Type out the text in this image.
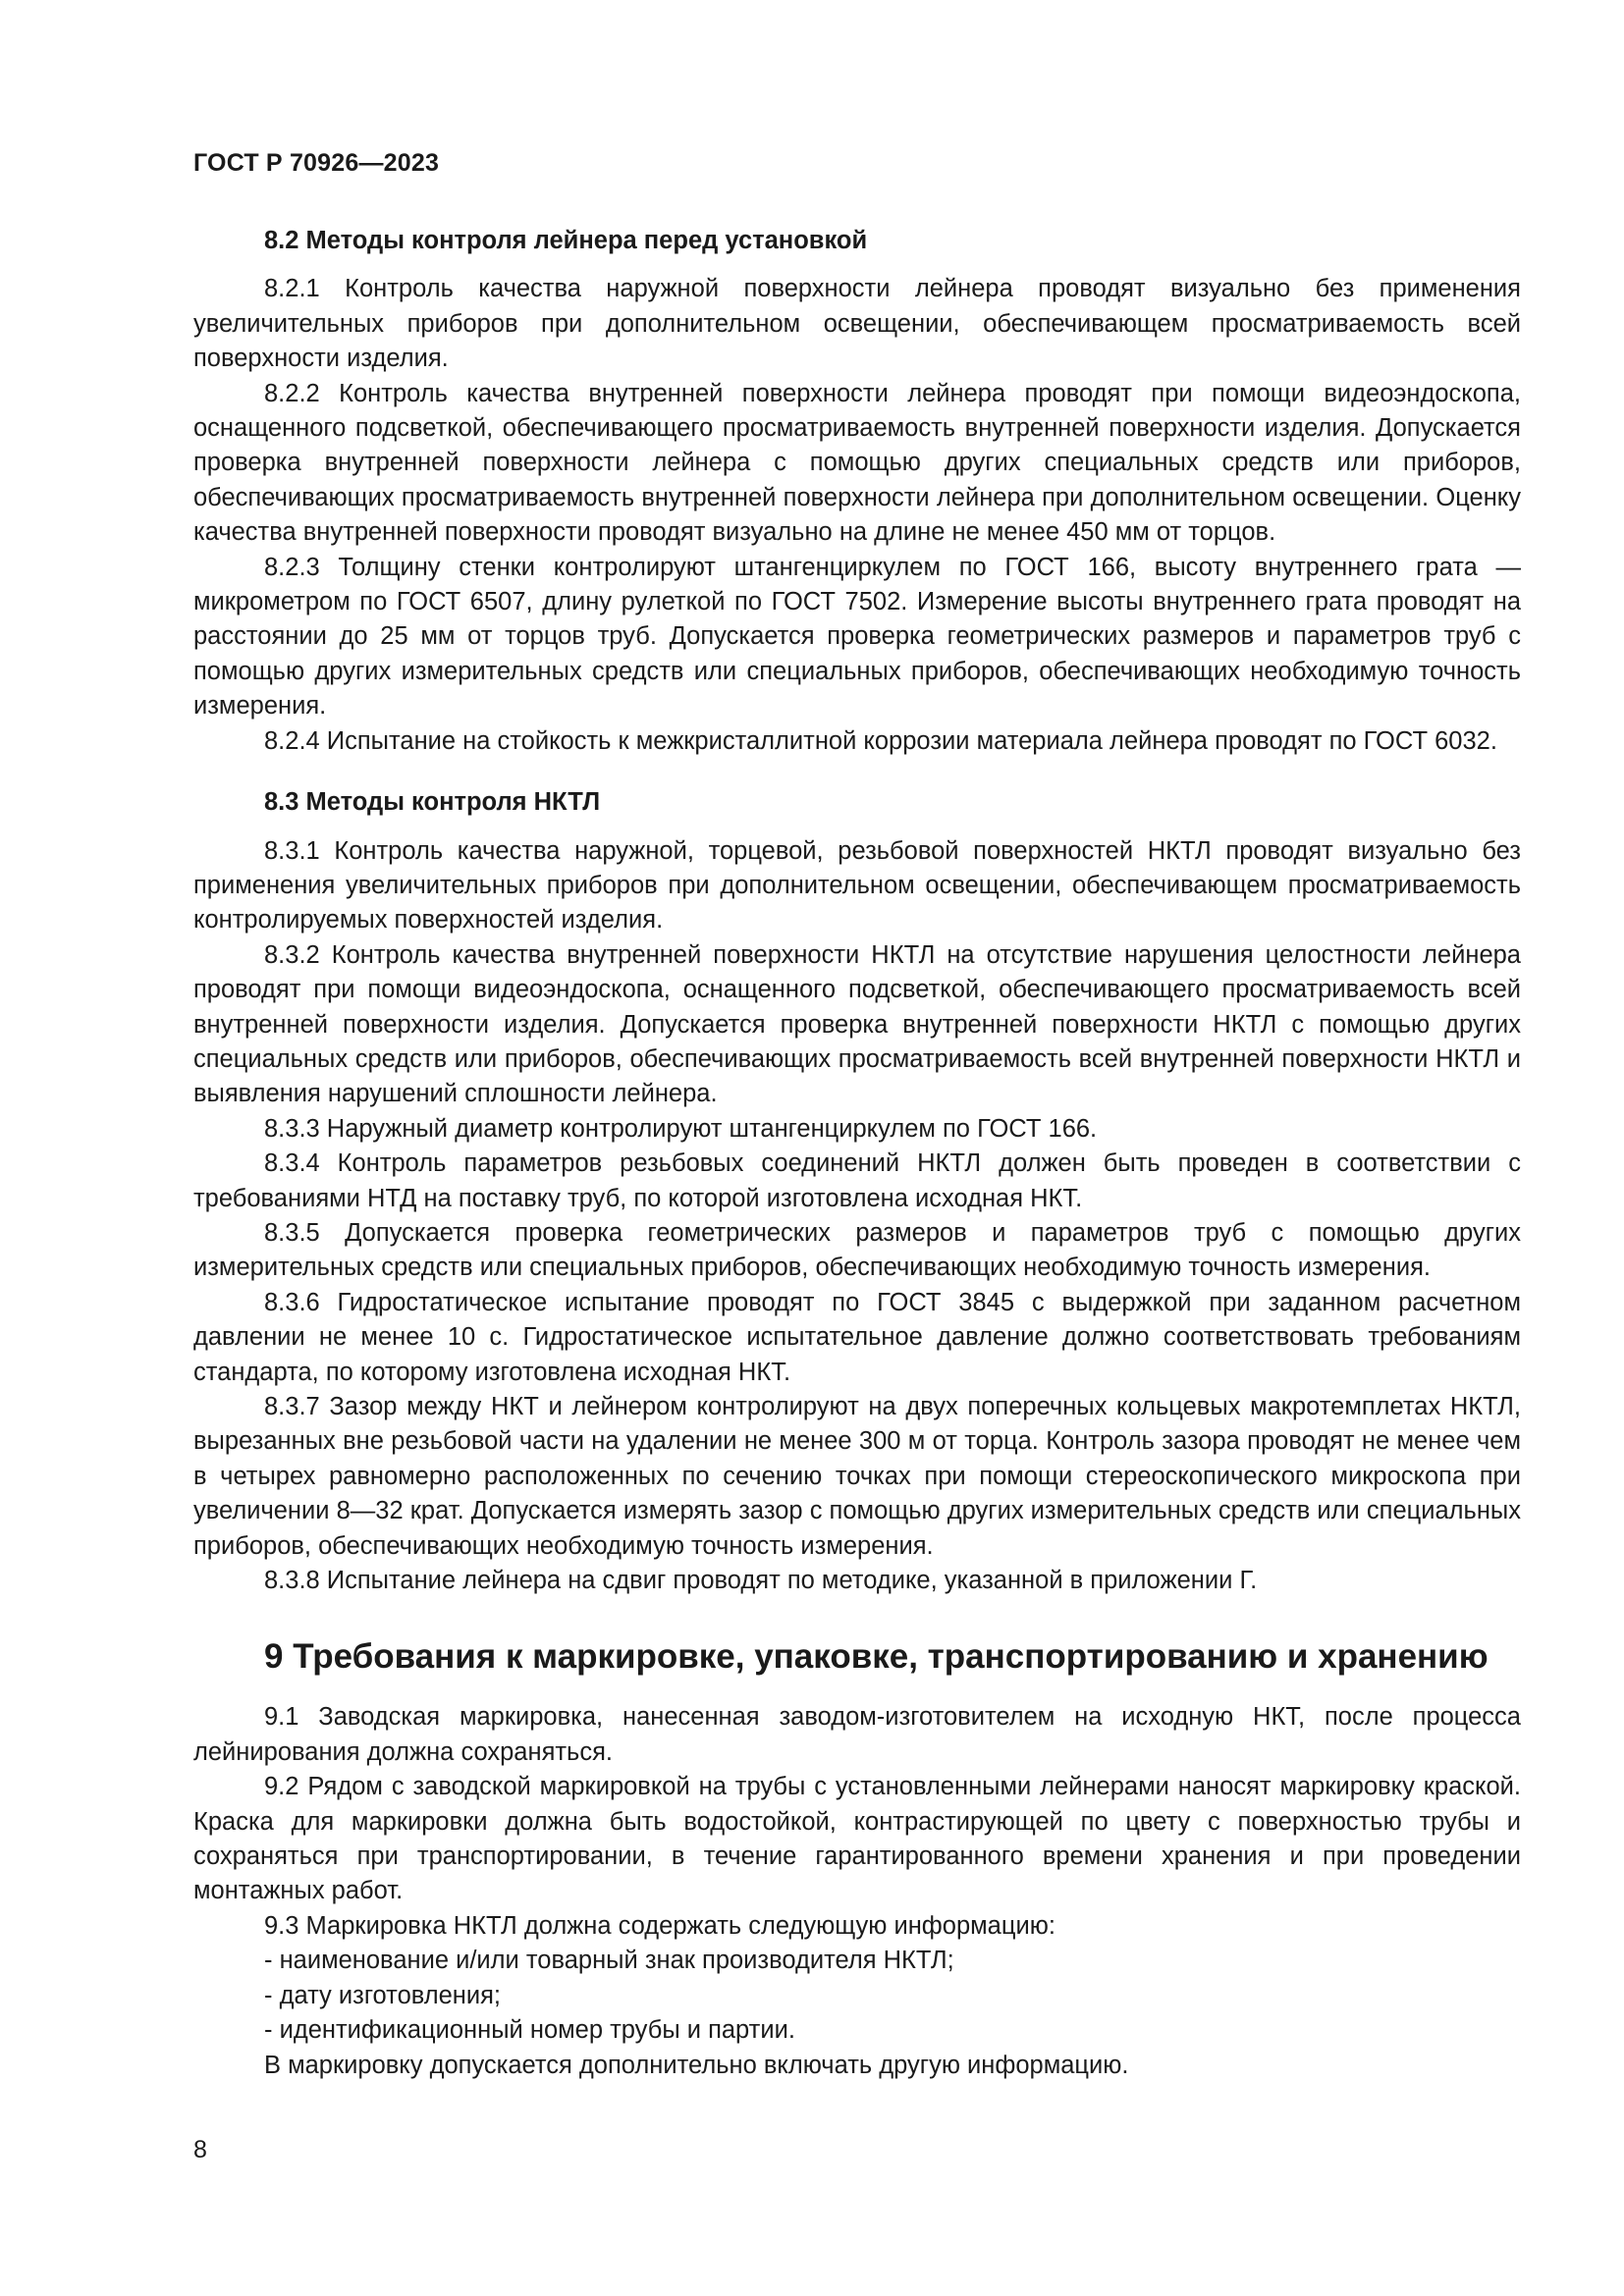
ГОСТ Р 70926—2023
8.2 Методы контроля лейнера перед установкой

8.2.1 Контроль качества наружной поверхности лейнера проводят визуально без применения увеличительных приборов при дополнительном освещении, обеспечивающем просматриваемость всей поверхности изделия.

8.2.2 Контроль качества внутренней поверхности лейнера проводят при помощи видеоэндоскопа, оснащенного подсветкой, обеспечивающего просматриваемость внутренней поверхности изделия. Допускается проверка внутренней поверхности лейнера с помощью других специальных средств или приборов, обеспечивающих просматриваемость внутренней поверхности лейнера при дополнительном освещении. Оценку качества внутренней поверхности проводят визуально на длине не менее 450 мм от торцов.

8.2.3 Толщину стенки контролируют штангенциркулем по ГОСТ 166, высоту внутреннего грата — микрометром по ГОСТ 6507, длину рулеткой по ГОСТ 7502. Измерение высоты внутреннего грата проводят на расстоянии до 25 мм от торцов труб. Допускается проверка геометрических размеров и параметров труб с помощью других измерительных средств или специальных приборов, обеспечивающих необходимую точность измерения.

8.2.4 Испытание на стойкость к межкристаллитной коррозии материала лейнера проводят по ГОСТ 6032.

8.3 Методы контроля НКТЛ

8.3.1 Контроль качества наружной, торцевой, резьбовой поверхностей НКТЛ проводят визуально без применения увеличительных приборов при дополнительном освещении, обеспечивающем просматриваемость контролируемых поверхностей изделия.

8.3.2 Контроль качества внутренней поверхности НКТЛ на отсутствие нарушения целостности лейнера проводят при помощи видеоэндоскопа, оснащенного подсветкой, обеспечивающего просматриваемость всей внутренней поверхности изделия. Допускается проверка внутренней поверхности НКТЛ с помощью других специальных средств или приборов, обеспечивающих просматриваемость всей внутренней поверхности НКТЛ и выявления нарушений сплошности лейнера.

8.3.3 Наружный диаметр контролируют штангенциркулем по ГОСТ 166.

8.3.4 Контроль параметров резьбовых соединений НКТЛ должен быть проведен в соответствии с требованиями НТД на поставку труб, по которой изготовлена исходная НКТ.

8.3.5 Допускается проверка геометрических размеров и параметров труб с помощью других измерительных средств или специальных приборов, обеспечивающих необходимую точность измерения.

8.3.6 Гидростатическое испытание проводят по ГОСТ 3845 с выдержкой при заданном расчетном давлении не менее 10 с. Гидростатическое испытательное давление должно соответствовать требованиям стандарта, по которому изготовлена исходная НКТ.

8.3.7 Зазор между НКТ и лейнером контролируют на двух поперечных кольцевых макротемплетах НКТЛ, вырезанных вне резьбовой части на удалении не менее 300 м от торца. Контроль зазора проводят не менее чем в четырех равномерно расположенных по сечению точках при помощи стереоскопического микроскопа при увеличении 8—32 крат. Допускается измерять зазор с помощью других измерительных средств или специальных приборов, обеспечивающих необходимую точность измерения.

8.3.8 Испытание лейнера на сдвиг проводят по методике, указанной в приложении Г.

9 Требования к маркировке, упаковке, транспортированию и хранению

9.1 Заводская маркировка, нанесенная заводом-изготовителем на исходную НКТ, после процесса лейнирования должна сохраняться.

9.2 Рядом с заводской маркировкой на трубы с установленными лейнерами наносят маркировку краской. Краска для маркировки должна быть водостойкой, контрастирующей по цвету с поверхностью трубы и сохраняться при транспортировании, в течение гарантированного времени хранения и при проведении монтажных работ.

9.3 Маркировка НКТЛ должна содержать следующую информацию:

- наименование и/или товарный знак производителя НКТЛ;

- дату изготовления;

- идентификационный номер трубы и партии.

В маркировку допускается дополнительно включать другую информацию.

8
